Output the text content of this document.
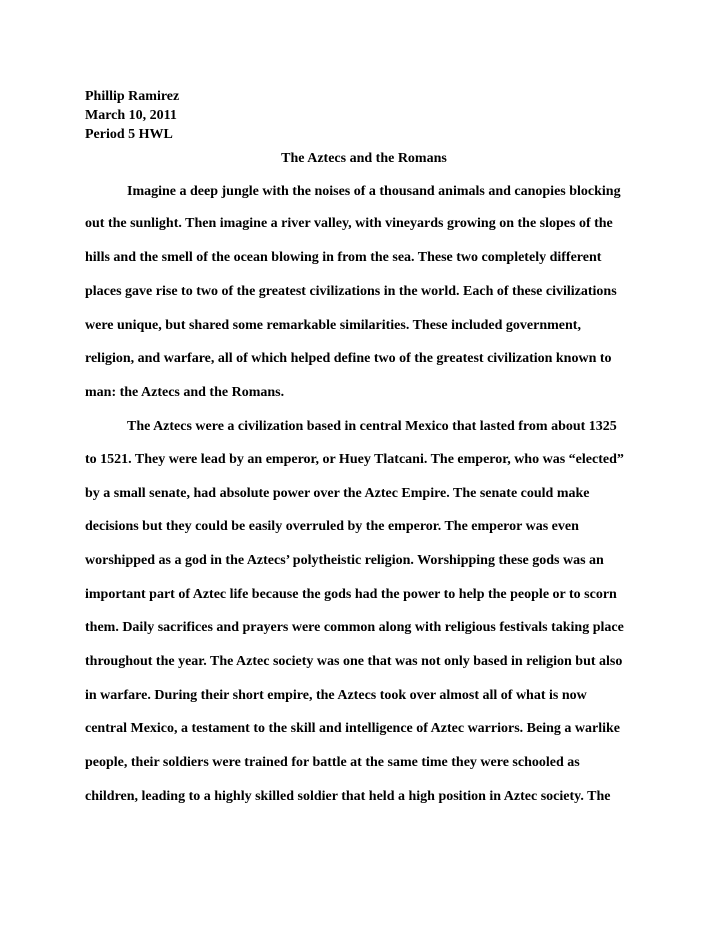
Phillip Ramirez
March 10, 2011
Period 5 HWL
The Aztecs and the Romans
Imagine a deep jungle with the noises of a thousand animals and canopies blocking
out the sunlight. Then imagine a river valley, with vineyards growing on the slopes of the
hills and the smell of the ocean blowing in from the sea. These two completely different
places gave rise to two of the greatest civilizations in the world. Each of these civilizations
were unique, but shared some remarkable similarities. These included government,
religion, and warfare, all of which helped define two of the greatest civilization known to
man: the Aztecs and the Romans.
The Aztecs were a civilization based in central Mexico that lasted from about 1325
to 1521. They were lead by an emperor, or Huey Tlatcani. The emperor, who was “elected”
by a small senate, had absolute power over the Aztec Empire. The senate could make
decisions but they could be easily overruled by the emperor. The emperor was even
worshipped as a god in the Aztecs’ polytheistic religion. Worshipping these gods was an
important part of Aztec life because the gods had the power to help the people or to scorn
them. Daily sacrifices and prayers were common along with religious festivals taking place
throughout the year. The Aztec society was one that was not only based in religion but also
in warfare. During their short empire, the Aztecs took over almost all of what is now
central Mexico, a testament to the skill and intelligence of Aztec warriors. Being a warlike
people, their soldiers were trained for battle at the same time they were schooled as
children, leading to a highly skilled soldier that held a high position in Aztec society. The
